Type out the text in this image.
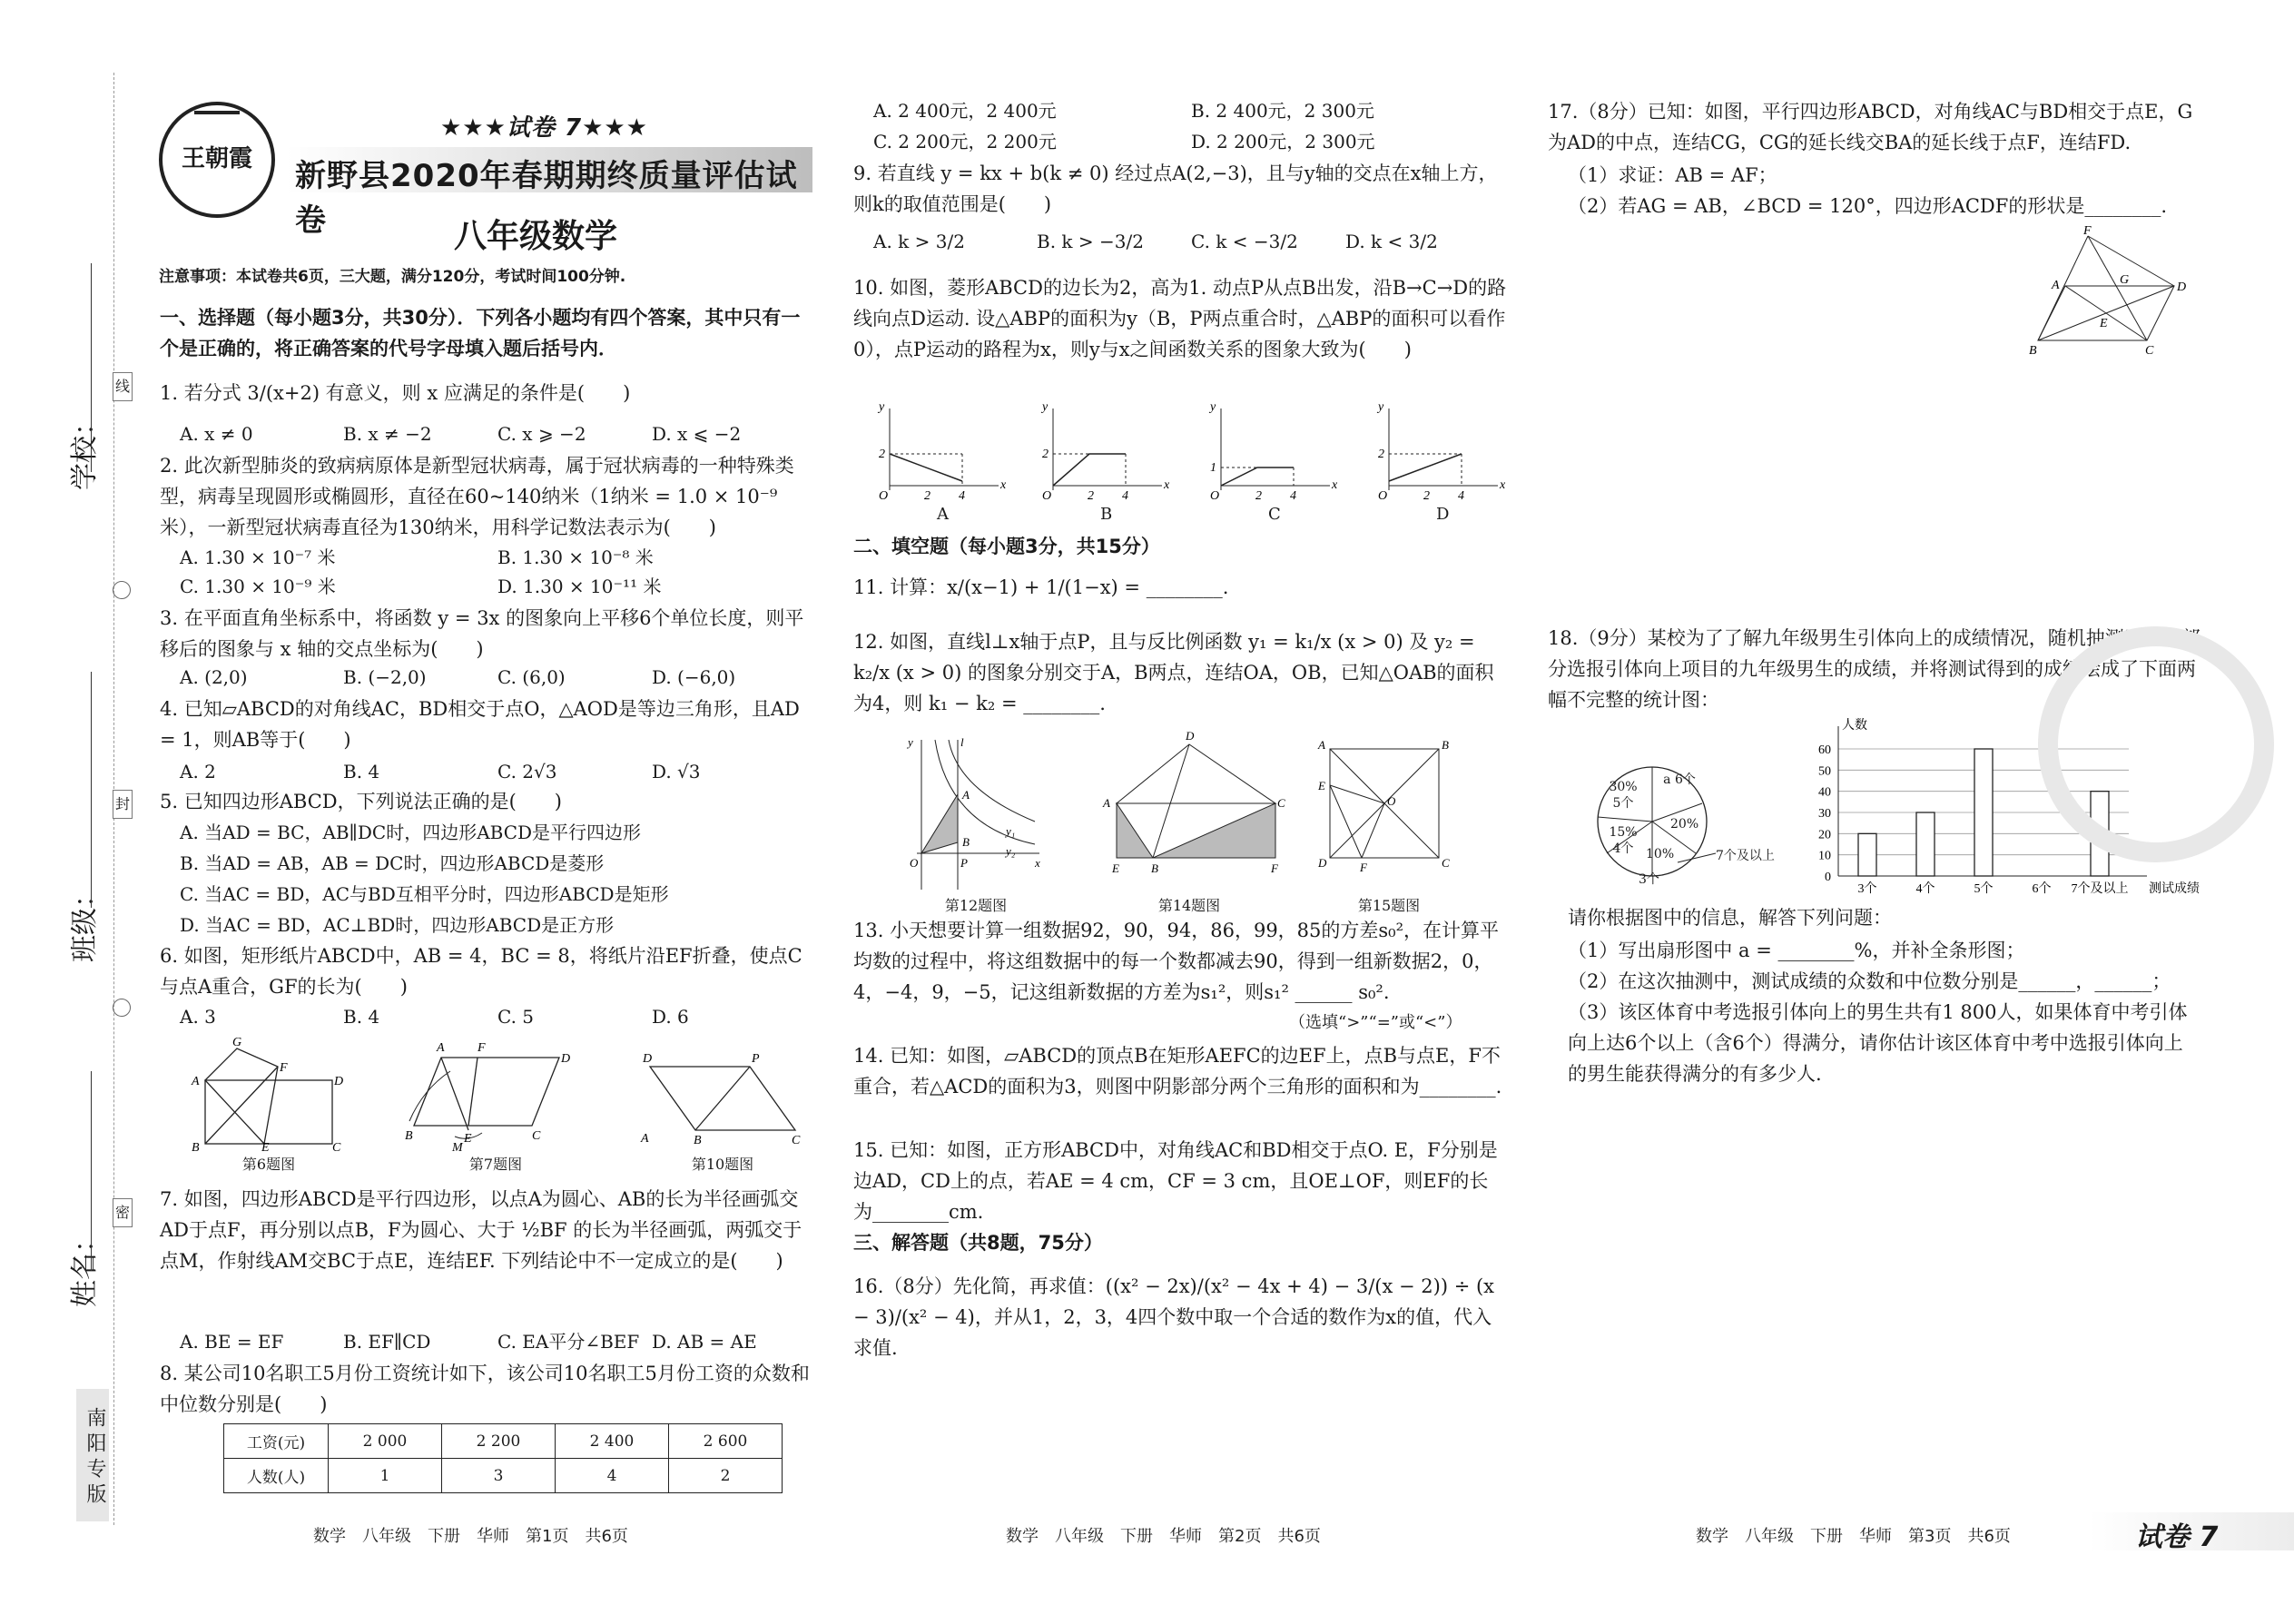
学校：
班级：
姓名：
线
封
密
南阳专版
王朝霞
★★★试卷 7★★★
新野县2020年春期期终质量评估试卷	八年级数学
注意事项：本试卷共6页，三大题，满分120分，考试时间100分钟.
一、选择题（每小题3分，共30分）．下列各小题均有四个答案，其中只有一个是正确的，将正确答案的代号字母填入题后括号内．
1. 若分式 3/(x+2) 有意义，则 x 应满足的条件是(　　)
A. x ≠ 0	B. x ≠ −2	C. x ⩾ −2	D. x ⩽ −2
2. 此次新型肺炎的致病病原体是新型冠状病毒，属于冠状病毒的一种特殊类型，病毒呈现圆形或椭圆形，直径在60~140纳米（1纳米 = 1.0 × 10⁻⁹米），一新型冠状病毒直径为130纳米，用科学记数法表示为(　　)
A. 1.30 × 10⁻⁷ 米	B. 1.30 × 10⁻⁸ 米
C. 1.30 × 10⁻⁹ 米	D. 1.30 × 10⁻¹¹ 米
3. 在平面直角坐标系中，将函数 y = 3x 的图象向上平移6个单位长度，则平移后的图象与 x 轴的交点坐标为(　　)
A. (2,0)	B. (−2,0)	C. (6,0)	D. (−6,0)
4. 已知▱ABCD的对角线AC，BD相交于点O，△AOD是等边三角形，且AD = 1，则AB等于(　　)
A. 2	B. 4	C. 2√3	D. √3
5. 已知四边形ABCD，下列说法正确的是(　　)
A. 当AD = BC，AB∥DC时，四边形ABCD是平行四边形
B. 当AD = AB，AB = DC时，四边形ABCD是菱形
C. 当AC = BD，AC与BD互相平分时，四边形ABCD是矩形
D. 当AC = BD，AC⊥BD时，四边形ABCD是正方形
6. 如图，矩形纸片ABCD中，AB = 4，BC = 8，将纸片沿EF折叠，使点C与点A重合，GF的长为(　　)
A. 3	B. 4	C. 5	D. 6
G
A
F
D
B	E	C
第6题图
A	F
D
B	E
M
C
第7题图
D	P
A	B	C
第10题图
7. 如图，四边形ABCD是平行四边形，以点A为圆心、AB的长为半径画弧交AD于点F，再分别以点B，F为圆心、大于 ½BF 的长为半径画弧，两弧交于点M，作射线AM交BC于点E，连结EF. 下列结论中不一定成立的是(　　)
A. BE = EF	B. EF∥CD	C. EA平分∠BEF D. AB = AE
8. 某公司10名职工5月份工资统计如下，该公司10名职工5月份工资的众数和中位数分别是(　　)
工资(元)	2 000	2 200	2 400	2 600
人数(人)	1	3	4	2
A. 2 400元，2 400元	B. 2 400元，2 300元
C. 2 200元，2 200元	D. 2 200元，2 300元
9. 若直线 y = kx + b(k ≠ 0) 经过点A(2,−3)，且与y轴的交点在x轴上方，则k的取值范围是(　　)
A. k > 3/2	B. k > −3/2	C. k < −3/2	D. k < 3/2
10. 如图，菱形ABCD的边长为2，高为1. 动点P从点B出发，沿B→C→D的路线向点D运动. 设△ABP的面积为y（B，P两点重合时，△ABP的面积可以看作0），点P运动的路程为x，则y与x之间函数关系的图象大致为(　　)
y
2
O	2 4
x
y
2
O	2 4
x
y
1
O	2 4
x
y
2
O	2 4
x
A	B	C	D
二、填空题（每小题3分，共15分）
11. 计算：x/(x−1) + 1/(1−x) = ________.
12. 如图，直线l⊥x轴于点P，且与反比例函数 y₁ = k₁/x (x > 0) 及 y₂ = k₂/x (x > 0) 的图象分别交于A，B两点，连结OA，OB，已知△OAB的面积为4，则 k₁ − k₂ = ________.
y	l
A
B
O	P	x
y₁
y₂
第12题图
A
D
C
E	B	F
第14题图
A	B
E
O
D	F	C
第15题图
13. 小天想要计算一组数据92，90，94，86，99，85的方差s₀²，在计算平均数的过程中，将这组数据中的每一个数都减去90，得到一组新数据2，0，4，−4，9，−5，记这组新数据的方差为s₁²，则s₁² ______ s₀².
（选填“>”“=”或“<”）
14. 已知：如图，▱ABCD的顶点B在矩形AEFC的边EF上，点B与点E，F不重合，若△ACD的面积为3，则图中阴影部分两个三角形的面积和为________.
15. 已知：如图，正方形ABCD中，对角线AC和BD相交于点O. E，F分别是边AD，CD上的点，若AE = 4 cm，CF = 3 cm，且OE⊥OF，则EF的长为________cm.
三、解答题（共8题，75分）
16.（8分）先化简，再求值：((x² − 2x)/(x² − 4x + 4) − 3/(x − 2)) ÷ (x − 3)/(x² − 4)，并从1，2，3，4四个数中取一个合适的数作为x的值，代入求值.
17.（8分）已知：如图，平行四边形ABCD，对角线AC与BD相交于点E，G为AD的中点，连结CG，CG的延长线交BA的延长线于点F，连结FD.
（1）求证：AB = AF；
（2）若AG = AB，∠BCD = 120°，四边形ACDF的形状是________.
F
A	G
D
E
B	C
18.（9分）某校为了了解九年级男生引体向上的成绩情况，随机抽测了本区部分选报引体向上项目的九年级男生的成绩，并将测试得到的成绩绘成了下面两幅不完整的统计图：
30% 5个
a 6个
20%
10%
15% 4个	7个及以上
3个	0
10
20
30
40
50
60
人数
3个	4个	5个	6个 7个及以上 测试成绩
请你根据图中的信息，解答下列问题：
（1）写出扇形图中 a = ________%，并补全条形图；
（2）在这次抽测中，测试成绩的众数和中位数分别是______，______；
（3）该区体育中考选报引体向上的男生共有1 800人，如果体育中考引体向上达6个以上（含6个）得满分，请你估计该区体育中考中选报引体向上的男生能获得满分的有多少人.
数学　八年级　下册　华师　第1页　共6页	数学　八年级　下册　华师　第2页　共6页	数学　八年级　下册　华师　第3页　共6页	试卷 7
